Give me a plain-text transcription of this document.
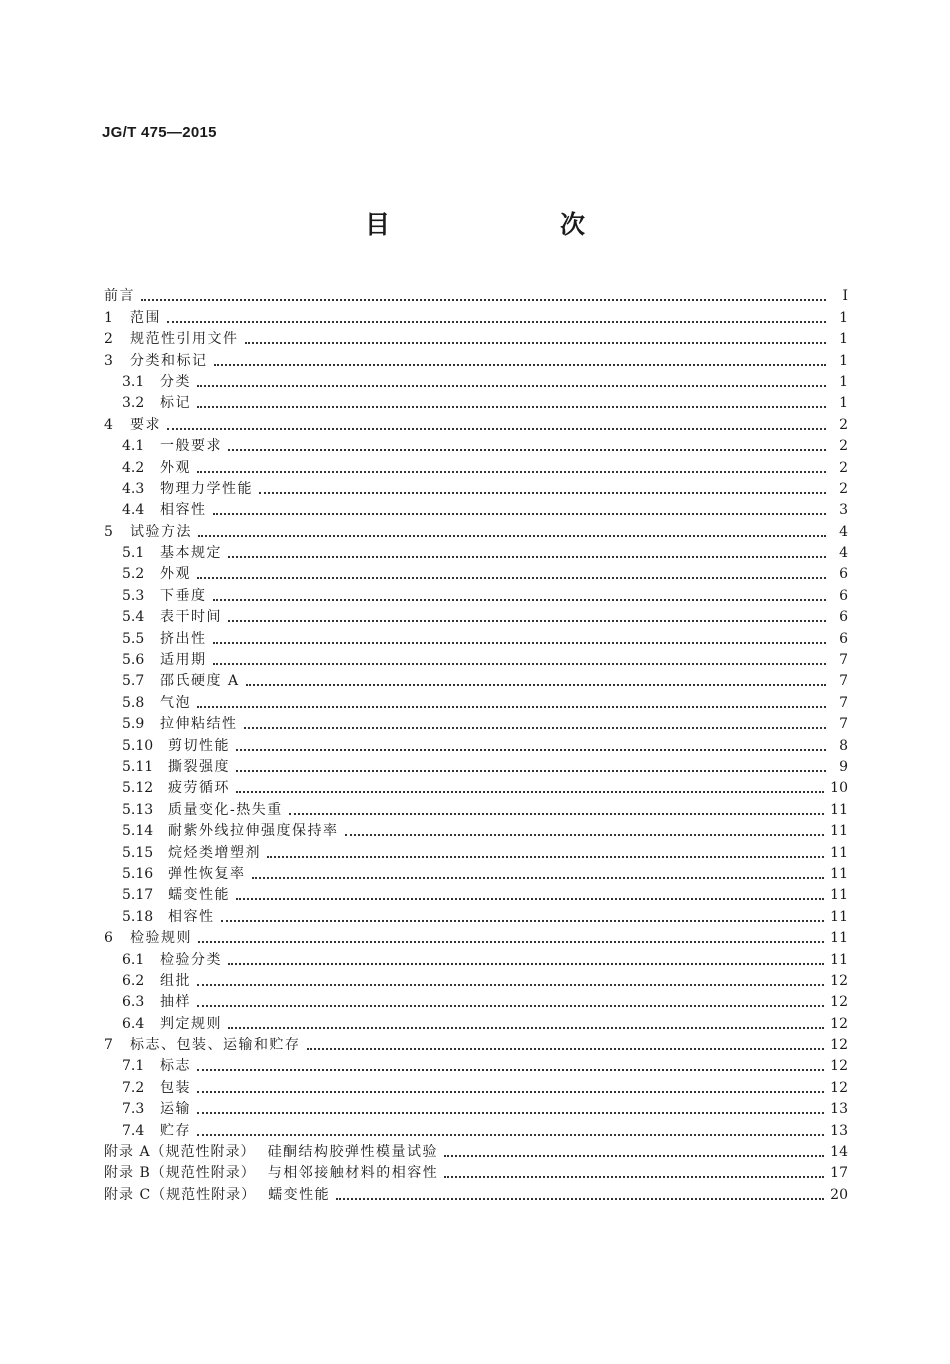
JG/T 475—2015
目　　次
前言	I
1	范围	1
2	规范性引用文件	1
3	分类和标记	1
3.1	分类	1
3.2	标记	1
4	要求	2
4.1	一般要求	2
4.2	外观	2
4.3	物理力学性能	2
4.4	相容性	3
5	试验方法	4
5.1	基本规定	4
5.2	外观	6
5.3	下垂度	6
5.4	表干时间	6
5.5	挤出性	6
5.6	适用期	7
5.7	邵氏硬度 A	7
5.8	气泡	7
5.9	拉伸粘结性	7
5.10	剪切性能	8
5.11	撕裂强度	9
5.12	疲劳循环	10
5.13	质量变化-热失重	11
5.14	耐紫外线拉伸强度保持率	11
5.15	烷烃类增塑剂	11
5.16	弹性恢复率	11
5.17	蠕变性能	11
5.18	相容性	11
6	检验规则	11
6.1	检验分类	11
6.2	组批	12
6.3	抽样	12
6.4	判定规则	12
7	标志、包装、运输和贮存	12
7.1	标志	12
7.2	包装	12
7.3	运输	13
7.4	贮存	13
附录 A（规范性附录） 硅酮结构胶弹性模量试验	14
附录 B（规范性附录） 与相邻接触材料的相容性	17
附录 C（规范性附录） 蠕变性能	20
